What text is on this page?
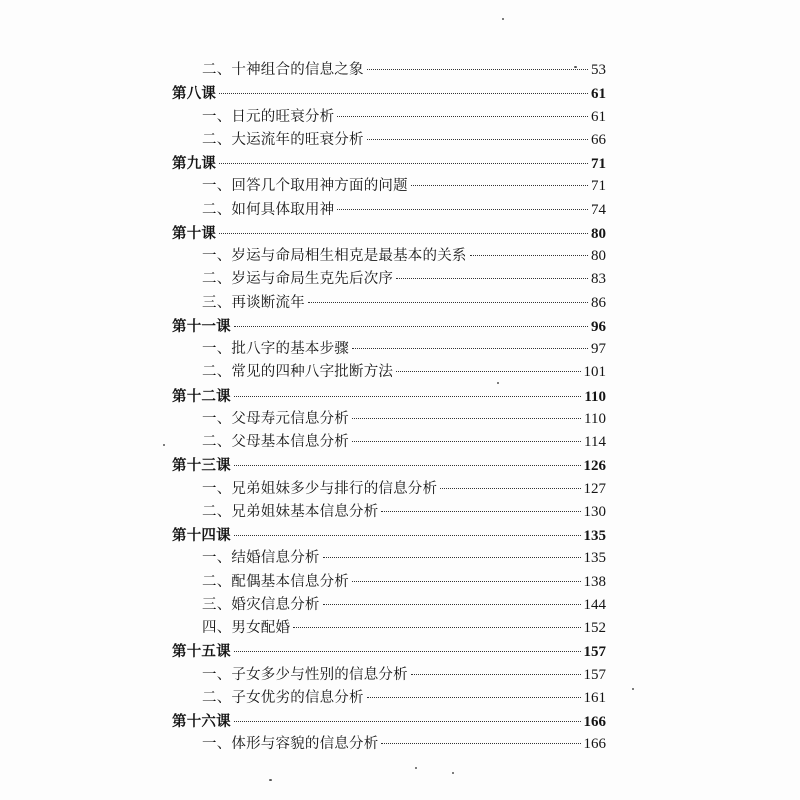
二、十神组合的信息之象	53
第八课	61
一、日元的旺衰分析	61
二、大运流年的旺衰分析	66
第九课	71
一、回答几个取用神方面的问题	71
二、如何具体取用神	74
第十课	80
一、岁运与命局相生相克是最基本的关系	80
二、岁运与命局生克先后次序	83
三、再谈断流年	86
第十一课	96
一、批八字的基本步骤	97
二、常见的四种八字批断方法	101
第十二课	110
一、父母寿元信息分析	110
二、父母基本信息分析	114
第十三课	126
一、兄弟姐妹多少与排行的信息分析	127
二、兄弟姐妹基本信息分析	130
第十四课	135
一、结婚信息分析	135
二、配偶基本信息分析	138
三、婚灾信息分析	144
四、男女配婚	152
第十五课	157
一、子女多少与性别的信息分析	157
二、子女优劣的信息分析	161
第十六课	166
一、体形与容貌的信息分析	166
